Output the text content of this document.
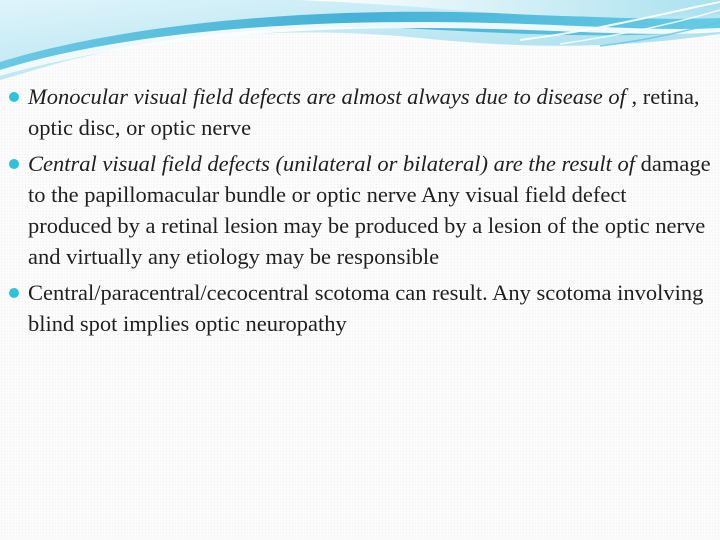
Monocular visual field defects are almost always due to disease of , retina, optic disc, or optic nerve
Central visual field defects (unilateral or bilateral) are the result of damage to the papillomacular bundle or optic nerve Any visual field defect produced by a retinal lesion may be produced by a lesion of the optic nerve and virtually any etiology may be responsible
Central/paracentral/cecocentral scotoma can result. Any scotoma involving blind spot implies optic neuropathy
